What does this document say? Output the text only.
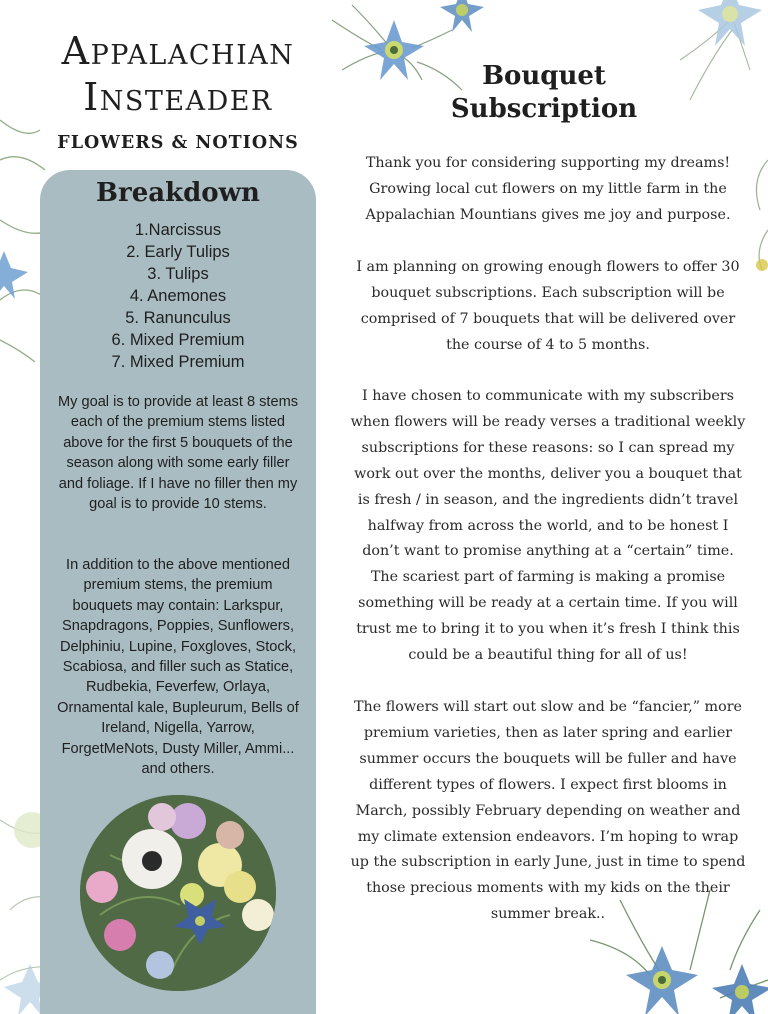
Appalachian
Insteader
FLOWERS & NOTIONS
Breakdown
1.Narcissus
2. Early Tulips
3. Tulips
4. Anemones
5. Ranunculus
6. Mixed Premium
7. Mixed Premium

My goal is to provide at least 8 stems each of the premium stems listed above for the first 5 bouquets of the season along with some early filler and foliage. If I have no filler then my goal is to provide 10 stems.

In addition to the above mentioned premium stems, the premium bouquets may contain: Larkspur, Snapdragons, Poppies, Sunflowers, Delphiniu, Lupine, Foxgloves, Stock, Scabiosa, and filler such as Statice, Rudbekia, Feverfew, Orlaya, Ornamental kale, Bupleurum, Bells of Ireland, Nigella, Yarrow, ForgetMeNots, Dusty Miller, Ammi... and others.

Bouquet Subscription

Thank you for considering supporting my dreams! Growing local cut flowers on my little farm in the Appalachian Mountians gives me joy and purpose.

I am planning on growing enough flowers to offer 30 bouquet subscriptions. Each subscription will be comprised of 7 bouquets that will be delivered over the course of 4 to 5 months.

I have chosen to communicate with my subscribers when flowers will be ready verses a traditional weekly subscriptions for these reasons: so I can spread my work out over the months, deliver you a bouquet that is fresh / in season, and the ingredients didn’t travel halfway from across the world, and to be honest I don’t want to promise anything at a “certain” time. The scariest part of farming is making a promise something will be ready at a certain time. If you will trust me to bring it to you when it’s fresh I think this could be a beautiful thing for all of us!

The flowers will start out slow and be “fancier,” more premium varieties, then as later spring and earlier summer occurs the bouquets will be fuller and have different types of flowers. I expect first blooms in March, possibly February depending on weather and my climate extension endeavors. I’m hoping to wrap up the subscription in early June, just in time to spend those precious moments with my kids on the their summer break..
